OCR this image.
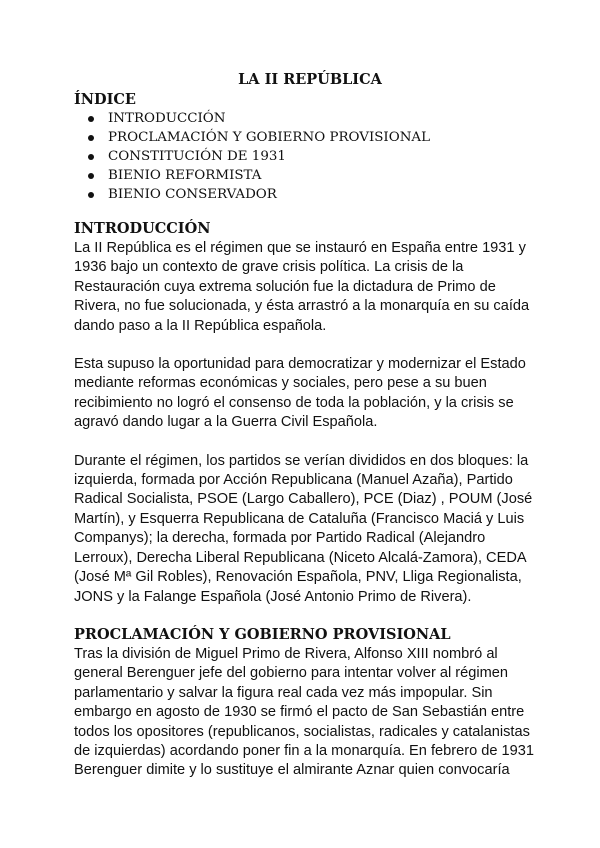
LA II REPÚBLICA
ÍNDICE
INTRODUCCIÓN
PROCLAMACIÓN Y GOBIERNO PROVISIONAL
CONSTITUCIÓN DE 1931
BIENIO REFORMISTA
BIENIO CONSERVADOR
INTRODUCCIÓN

La II República es el régimen que se instauró en España entre 1931 y 1936 bajo un contexto de grave crisis política. La crisis de la Restauración cuya extrema solución fue la dictadura de Primo de Rivera, no fue solucionada, y ésta arrastró a la monarquía en su caída dando paso a la II República española.

Esta supuso la oportunidad para democratizar y modernizar el Estado mediante reformas económicas y sociales, pero pese a su buen recibimiento no logró el consenso de toda la población, y la crisis se agravó dando lugar a la Guerra Civil Española.

Durante el régimen, los partidos se verían divididos en dos bloques: la izquierda, formada por Acción Republicana (Manuel Azaña), Partido Radical Socialista, PSOE (Largo Caballero), PCE (Diaz) , POUM (José Martín), y Esquerra Republicana de Cataluña (Francisco Maciá y Luis Companys); la derecha, formada por Partido Radical (Alejandro Lerroux), Derecha Liberal Republicana (Niceto Alcalá-Zamora), CEDA (José Mª Gil Robles), Renovación Española, PNV, Lliga Regionalista, JONS y la Falange Española (José Antonio Primo de Rivera).

PROCLAMACIÓN Y GOBIERNO PROVISIONAL

Tras la división de Miguel Primo de Rivera, Alfonso XIII nombró al general Berenguer jefe del gobierno para intentar volver al régimen parlamentario y salvar la figura real cada vez más impopular. Sin embargo en agosto de 1930 se firmó el pacto de San Sebastián entre todos los opositores (republicanos, socialistas, radicales y catalanistas de izquierdas) acordando poner fin a la monarquía. En febrero de 1931 Berenguer dimite y lo sustituye el almirante Aznar quien convocaría
